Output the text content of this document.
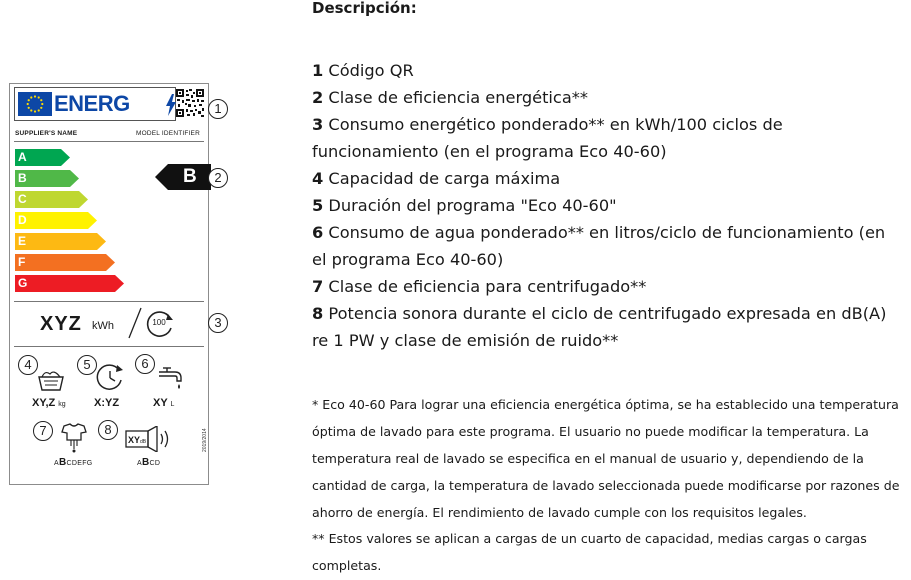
ENERG
SUPPLIER'S NAME	MODEL IDENTIFIER
A
B
C
D
E
F
G
B
XYZ kWh	100
XY,Z kg	X:YZ	XY L
ABCDEFG
XYdB
ABCD
2019/2014
1
2
3
4	5	6
7	8
Descripción:
1 Código QR
2 Clase de eficiencia energética**
3 Consumo energético ponderado** en kWh/100 ciclos de
funcionamiento (en el programa Eco 40-60)
4 Capacidad de carga máxima
5 Duración del programa "Eco 40-60"
6 Consumo de agua ponderado** en litros/ciclo de funcionamiento (en
el programa Eco 40-60)
7 Clase de eficiencia para centrifugado**
8 Potencia sonora durante el ciclo de centrifugado expresada en dB(A)
re 1 PW y clase de emisión de ruido**
* Eco 40-60 Para lograr una eficiencia energética óptima, se ha establecido una temperatura
óptima de lavado para este programa. El usuario no puede modificar la temperatura. La
temperatura real de lavado se especifica en el manual de usuario y, dependiendo de la
cantidad de carga, la temperatura de lavado seleccionada puede modificarse por razones de
ahorro de energía. El rendimiento de lavado cumple con los requisitos legales.
** Estos valores se aplican a cargas de un cuarto de capacidad, medias cargas o cargas
completas.
